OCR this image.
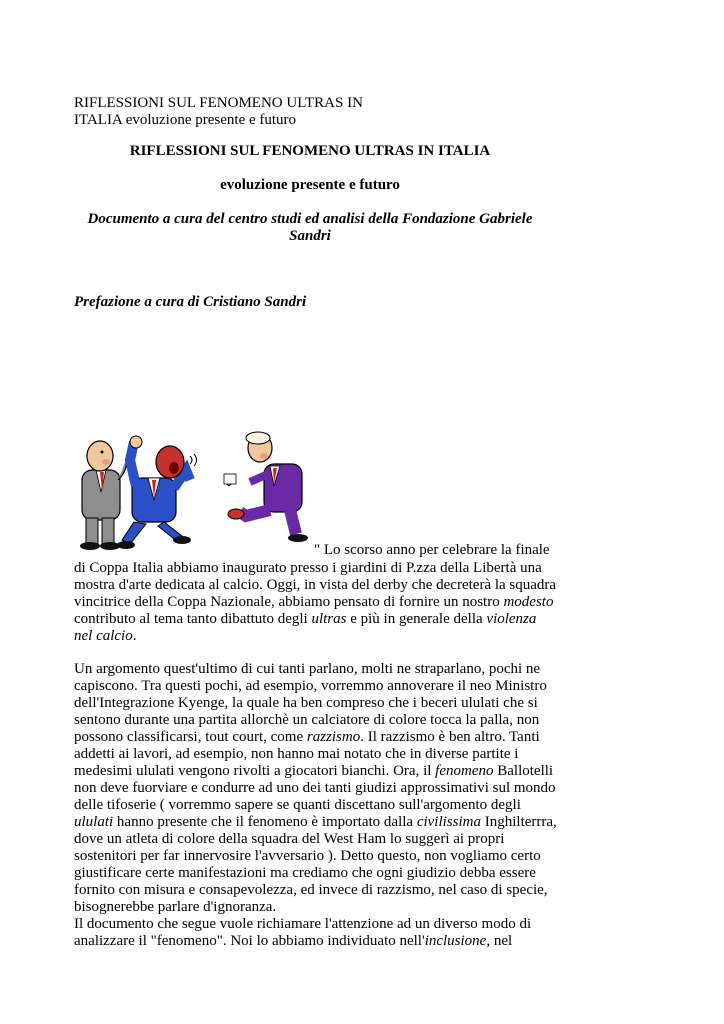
RIFLESSIONI SUL FENOMENO ULTRAS IN
ITALIA evoluzione presente e futuro
RIFLESSIONI SUL FENOMENO ULTRAS IN ITALIA
evoluzione presente e futuro
Documento a cura del centro studi ed analisi della Fondazione Gabriele
Sandri
Prefazione a cura di Cristiano Sandri
" Lo scorso anno per celebrare la finale
di Coppa Italia abbiamo inaugurato presso i giardini di P.zza della Libertà una
mostra d'arte dedicata al calcio. Oggi, in vista del derby che decreterà la squadra
vincitrice della Coppa Nazionale, abbiamo pensato di fornire un nostro modesto
contributo al tema tanto dibattuto degli ultras e più in generale della violenza
nel calcio.
Un argomento quest'ultimo di cui tanti parlano, molti ne straparlano, pochi ne
capiscono. Tra questi pochi, ad esempio, vorremmo annoverare il neo Ministro
dell'Integrazione Kyenge, la quale ha ben compreso che i beceri ululati che si
sentono durante una partita allorchè un calciatore di colore tocca la palla, non
possono classificarsi, tout court, come razzismo. Il razzismo è ben altro. Tanti
addetti ai lavori, ad esempio, non hanno mai notato che in diverse partite i
medesimi ululati vengono rivolti a giocatori bianchi. Ora, il fenomeno Ballotelli
non deve fuorviare e condurre ad uno dei tanti giudizi approssimativi sul mondo
delle tifoserie ( vorremmo sapere se quanti discettano sull'argomento degli
ululati hanno presente che il fenomeno è importato dalla civilissima Inghilterrra,
dove un atleta di colore della squadra del West Ham lo suggerì ai propri
sostenitori per far innervosire l'avversario ). Detto questo, non vogliamo certo
giustificare certe manifestazioni ma crediamo che ogni giudizio debba essere
fornito con misura e consapevolezza, ed invece di razzismo, nel caso di specie,
bisognerebbe parlare d'ignoranza.
Il documento che segue vuole richiamare l'attenzione ad un diverso modo di
analizzare il "fenomeno". Noi lo abbiamo individuato nell'inclusione, nel
